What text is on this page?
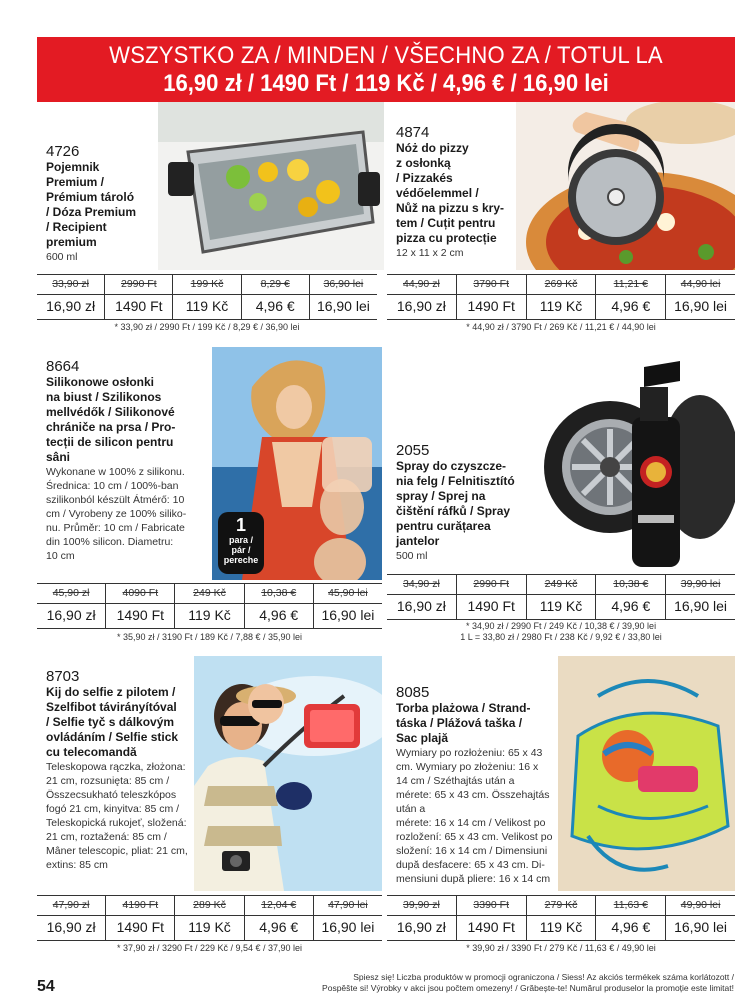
WSZYSTKO ZA / MINDEN / VŠECHNO ZA / TOTUL LA
16,90 zł / 1490 Ft / 119 Kč / 4,96 € / 16,90 lei
4726
Pojemnik
Premium /
Prémium tároló
/ Dóza Premium
/ Recipient
premium
600 ml
33,90 zł	2990 Ft	199 Kč	8,29 €	36,90 lei
16,90 zł	1490 Ft	119 Kč	4,96 €	16,90 lei
* 33,90 zł / 2990 Ft / 199 Kč / 8,29 € / 36,90 lei
4874
Nóż do pizzy
z osłonką
/ Pizzakés
védőelemmel /
Nůž na pizzu s kry-
tem / Cuțit pentru
pizza cu protecție
12 x 11 x 2 cm
44,90 zł	3790 Ft	269 Kč	11,21 €	44,90 lei
16,90 zł	1490 Ft	119 Kč	4,96 €	16,90 lei
* 44,90 zł / 3790 Ft / 269 Kč / 11,21 € / 44,90 lei
8664
Silikonowe osłonki
na biust / Szilikonos
mellvédők / Silikonové
chrániče na prsa / Pro-
tecții de silicon pentru
sâni
Wykonane w 100% z silikonu.
Średnica: 10 cm / 100%-ban
szilikonból készült Átmérő: 10
cm / Vyrobeny ze 100% siliko-
nu. Průměr: 10 cm / Fabricate
din 100% silicon. Diametru:
10 cm
1
para /
pár /
pereche
45,90 zł	4090 Ft	249 Kč	10,38 €	45,90 lei
16,90 zł	1490 Ft	119 Kč	4,96 €	16,90 lei
* 35,90 zł / 3190 Ft / 189 Kč / 7,88 € / 35,90 lei
2055
Spray do czyszcze-
nia felg / Felnitisztító
spray / Sprej na
čištění ráfků / Spray
pentru curățarea
jantelor
500 ml
34,90 zł	2990 Ft	249 Kč	10,38 €	39,90 lei
16,90 zł	1490 Ft	119 Kč	4,96 €	16,90 lei
* 34,90 zł / 2990 Ft / 249 Kč / 10,38 € / 39,90 lei
1 L = 33,80 zł / 2980 Ft / 238 Kč / 9,92 € / 33,80 lei
8703
Kij do selfie z pilotem /
Szelfibot távirányítóval
/ Selfie tyč s dálkovým
ovládáním / Selfie stick
cu telecomandă
Teleskopowa rączka, złożona:
21 cm, rozsunięta: 85 cm /
Összecsukható teleszkópos
fogó 21 cm, kinyitva: 85 cm /
Teleskopická rukojeť, složená:
21 cm, roztažená: 85 cm /
Mâner telescopic, pliat: 21 cm,
extins: 85 cm
47,90 zł	4190 Ft	289 Kč	12,04 €	47,90 lei
16,90 zł	1490 Ft	119 Kč	4,96 €	16,90 lei
* 37,90 zł / 3290 Ft / 229 Kč / 9,54 € / 37,90 lei
8085
Torba plażowa / Strand-
táska / Plážová taška /
Sac plajă
Wymiary po rozłożeniu: 65 x 43
cm. Wymiary po złożeniu: 16 x
14 cm / Széthajtás után a
mérete: 65 x 43 cm. Összehajtás után a
mérete: 16 x 14 cm / Velikost po
rozložení: 65 x 43 cm. Velikost po
složení: 16 x 14 cm / Dimensiuni
după desfacere: 65 x 43 cm. Di-
mensiuni după pliere: 16 x 14 cm
39,90 zł	3390 Ft	279 Kč	11,63 €	49,90 lei
16,90 zł	1490 Ft	119 Kč	4,96 €	16,90 lei
* 39,90 zł / 3390 Ft / 279 Kč / 11,63 € / 49,90 lei
54
Spiesz się! Liczba produktów w promocji ograniczona / Siess! Az akciós termékek száma korlátozott /
Pospěšte si! Výrobky v akci jsou počtem omezeny! / Grăbește-te! Numărul produselor la promoție este limitat!
